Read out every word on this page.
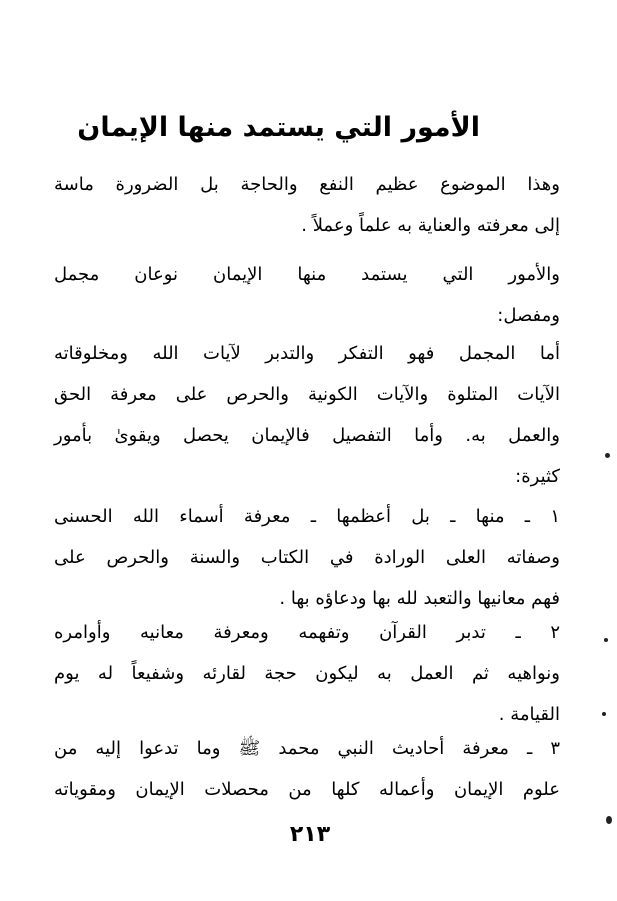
الأمور التي يستمد منها الإيمان
وهذا الموضوع عظيم النفع والحاجة بل الضرورة ماسة
إلى معرفته والعناية به علماً وعملاً .
والأمور التي يستمد منها الإيمان نوعان مجمل
ومفصل:
أما المجمل فهو التفكر والتدبر لآيات الله ومخلوقاته
الآيات المتلوة والآيات الكونية والحرص على معرفة الحق
والعمل به. وأما التفصيل فالإيمان يحصل ويقوىٰ بأمور
كثيرة:
١ ـ منها ـ بل أعظمها ـ معرفة أسماء الله الحسنى
وصفاته العلى الورادة في الكتاب والسنة والحرص على
فهم معانيها والتعبد لله بها ودعاؤه بها .
٢ ـ تدبر القرآن وتفهمه ومعرفة معانيه وأوامره
ونواهيه ثم العمل به ليكون حجة لقارئه وشفيعاً له يوم
القيامة .
٣ ـ معرفة أحاديث النبي محمد ﷺ وما تدعوا إليه من
علوم الإيمان وأعماله كلها من محصلات الإيمان ومقوياته
٢١٣
